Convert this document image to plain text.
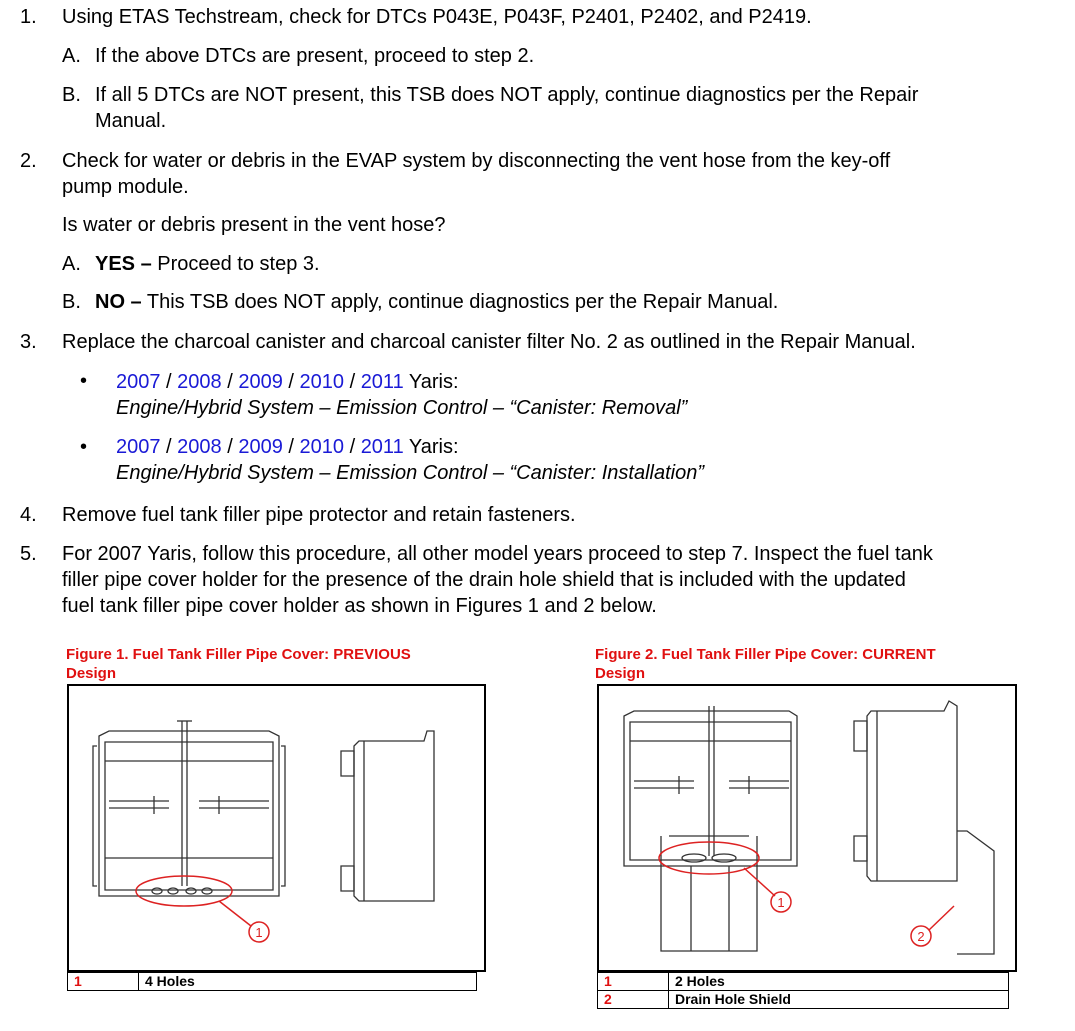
1. Using ETAS Techstream, check for DTCs P043E, P043F, P2401, P2402, and P2419.
A. If the above DTCs are present, proceed to step 2.
B. If all 5 DTCs are NOT present, this TSB does NOT apply, continue diagnostics per the Repair
Manual.
2. Check for water or debris in the EVAP system by disconnecting the vent hose from the key-off
pump module.
Is water or debris present in the vent hose?
A. YES – Proceed to step 3.
B. NO – This TSB does NOT apply, continue diagnostics per the Repair Manual.
3. Replace the charcoal canister and charcoal canister filter No. 2 as outlined in the Repair Manual.
• 2007 / 2008 / 2009 / 2010 / 2011 Yaris:
Engine/Hybrid System – Emission Control – “Canister: Removal”
• 2007 / 2008 / 2009 / 2010 / 2011 Yaris:
Engine/Hybrid System – Emission Control – “Canister: Installation”
4. Remove fuel tank filler pipe protector and retain fasteners.
5. For 2007 Yaris, follow this procedure, all other model years proceed to step 7. Inspect the fuel tank
filler pipe cover holder for the presence of the drain hole shield that is included with the updated
fuel tank filler pipe cover holder as shown in Figures 1 and 2 below.
Figure 1. Fuel Tank Filler Pipe Cover: PREVIOUS
Design
1
1	4 Holes
Figure 2. Fuel Tank Filler Pipe Cover: CURRENT
Design
1
2
1	2 Holes
2	Drain Hole Shield
